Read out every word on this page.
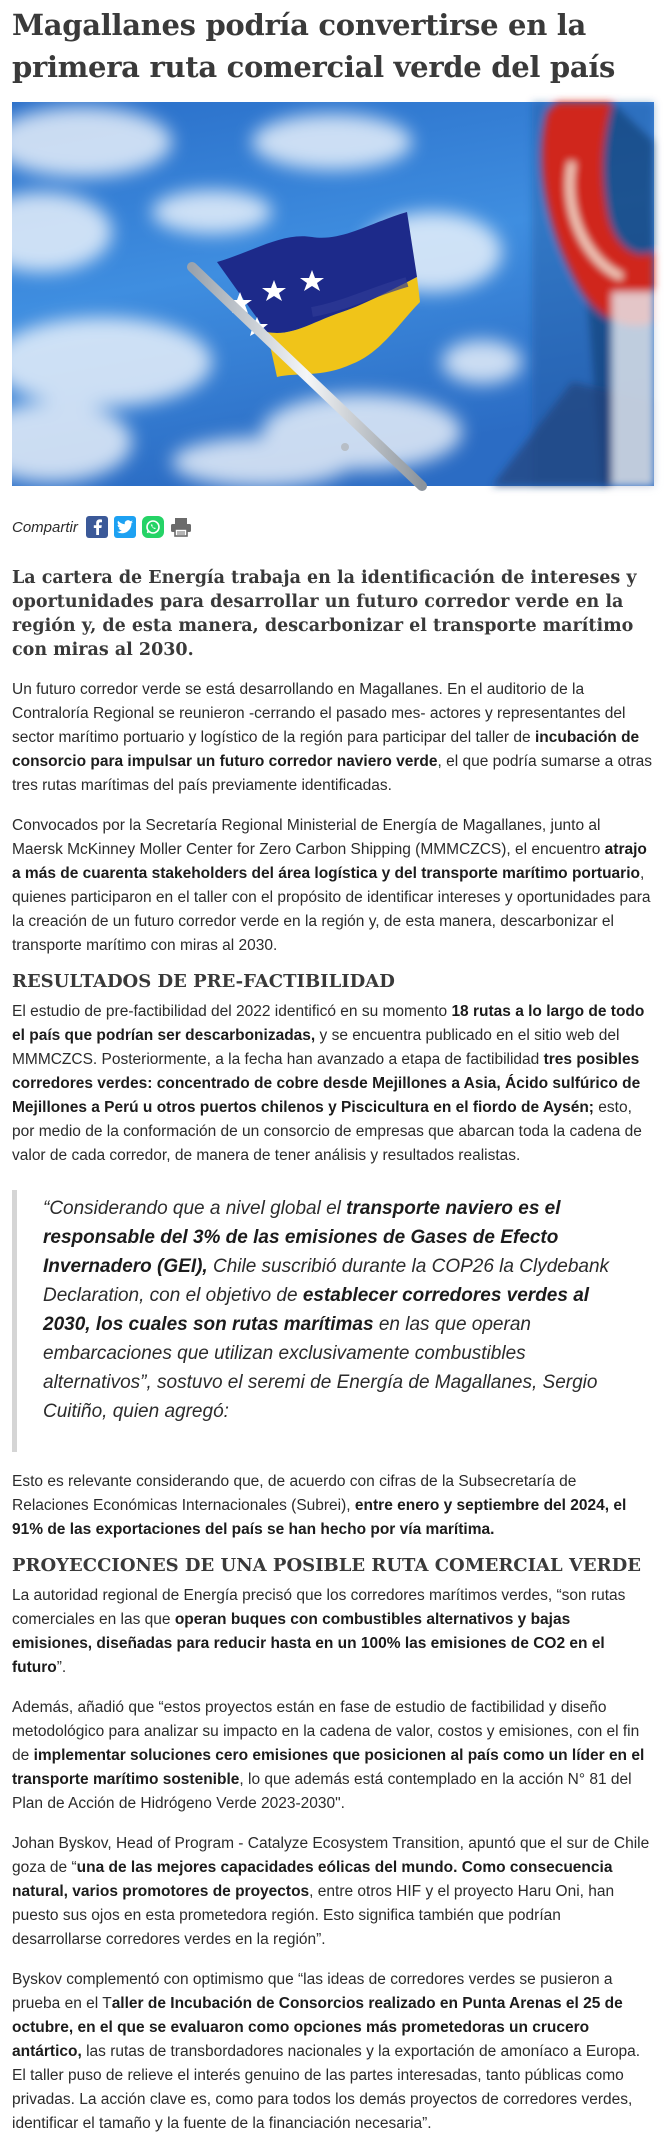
Magallanes podría convertirse en la primera ruta comercial verde del país
Compartir

La cartera de Energía trabaja en la identificación de intereses y oportunidades para desarrollar un futuro corredor verde en la región y, de esta manera, descarbonizar el transporte marítimo con miras al 2030.

Un futuro corredor verde se está desarrollando en Magallanes. En el auditorio de la Contraloría Regional se reunieron -cerrando el pasado mes- actores y representantes del sector marítimo portuario y logístico de la región para participar del taller de incubación de consorcio para impulsar un futuro corredor naviero verde, el que podría sumarse a otras tres rutas marítimas del país previamente identificadas.

Convocados por la Secretaría Regional Ministerial de Energía de Magallanes, junto al Maersk McKinney Moller Center for Zero Carbon Shipping (MMMCZCS), el encuentro atrajo a más de cuarenta stakeholders del área logística y del transporte marítimo portuario, quienes participaron en el taller con el propósito de identificar intereses y oportunidades para la creación de un futuro corredor verde en la región y, de esta manera, descarbonizar el transporte marítimo con miras al 2030.

RESULTADOS DE PRE-FACTIBILIDAD

El estudio de pre-factibilidad del 2022 identificó en su momento 18 rutas a lo largo de todo el país que podrían ser descarbonizadas, y se encuentra publicado en el sitio web del MMMCZCS. Posteriormente, a la fecha han avanzado a etapa de factibilidad tres posibles corredores verdes: concentrado de cobre desde Mejillones a Asia, Ácido sulfúrico de Mejillones a Perú u otros puertos chilenos y Piscicultura en el fiordo de Aysén; esto, por medio de la conformación de un consorcio de empresas que abarcan toda la cadena de valor de cada corredor, de manera de tener análisis y resultados realistas.

“Considerando que a nivel global el transporte naviero es el responsable del 3% de las emisiones de Gases de Efecto Invernadero (GEI), Chile suscribió durante la COP26 la Clydebank Declaration, con el objetivo de establecer corredores verdes al 2030, los cuales son rutas marítimas en las que operan embarcaciones que utilizan exclusivamente combustibles alternativos”, sostuvo el seremi de Energía de Magallanes, Sergio Cuitiño, quien agregó:

Esto es relevante considerando que, de acuerdo con cifras de la Subsecretaría de Relaciones Económicas Internacionales (Subrei), entre enero y septiembre del 2024, el 91% de las exportaciones del país se han hecho por vía marítima.

PROYECCIONES DE UNA POSIBLE RUTA COMERCIAL VERDE

La autoridad regional de Energía precisó que los corredores marítimos verdes, “son rutas comerciales en las que operan buques con combustibles alternativos y bajas emisiones, diseñadas para reducir hasta en un 100% las emisiones de CO2 en el futuro”.

Además, añadió que “estos proyectos están en fase de estudio de factibilidad y diseño metodológico para analizar su impacto en la cadena de valor, costos y emisiones, con el fin de implementar soluciones cero emisiones que posicionen al país como un líder en el transporte marítimo sostenible, lo que además está contemplado en la acción N° 81 del Plan de Acción de Hidrógeno Verde 2023-2030".

Johan Byskov, Head of Program - Catalyze Ecosystem Transition, apuntó que el sur de Chile goza de “una de las mejores capacidades eólicas del mundo. Como consecuencia natural, varios promotores de proyectos, entre otros HIF y el proyecto Haru Oni, han puesto sus ojos en esta prometedora región. Esto significa también que podrían desarrollarse corredores verdes en la región”.

Byskov complementó con optimismo que “las ideas de corredores verdes se pusieron a prueba en el Taller de Incubación de Consorcios realizado en Punta Arenas el 25 de octubre, en el que se evaluaron como opciones más prometedoras un crucero antártico, las rutas de transbordadores nacionales y la exportación de amoníaco a Europa. El taller puso de relieve el interés genuino de las partes interesadas, tanto públicas como privadas. La acción clave es, como para todos los demás proyectos de corredores verdes, identificar el tamaño y la fuente de la financiación necesaria”.
